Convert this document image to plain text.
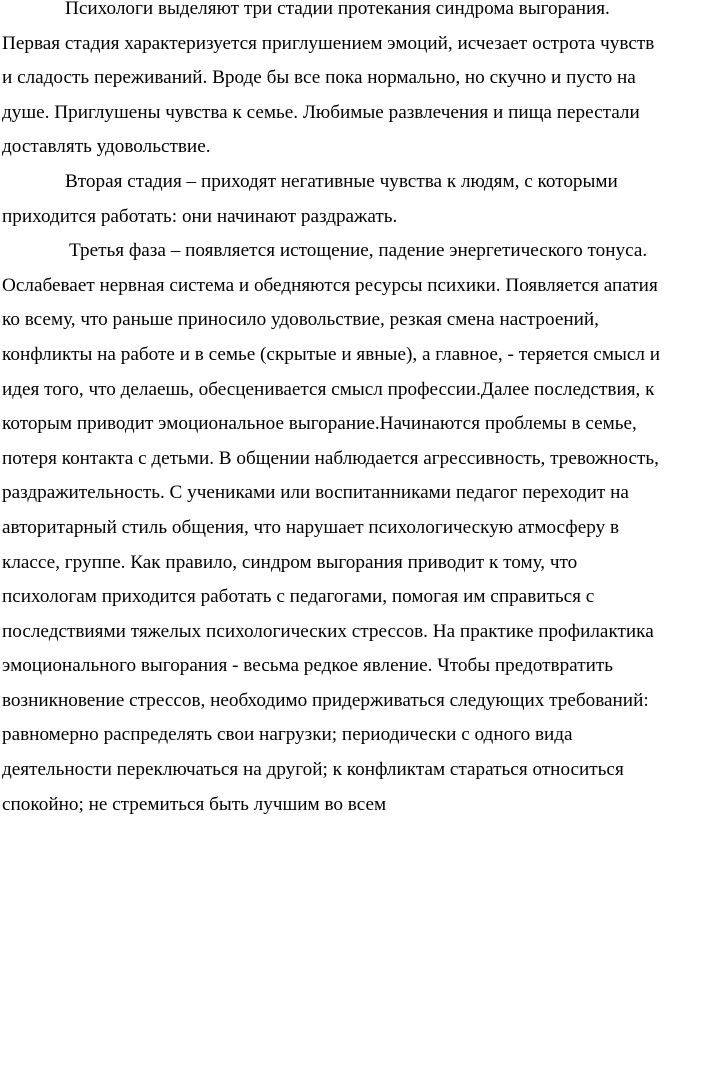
Психологи выделяют три стадии протекания синдрома выгорания.
Первая стадия характеризуется приглушением эмоций, исчезает острота чувств
и сладость переживаний. Вроде бы все пока нормально, но скучно и пусто на
душе. Приглушены чувства к семье. Любимые развлечения и пища перестали
доставлять удовольствие.
Вторая стадия – приходят негативные чувства к людям, с которыми
приходится работать: они начинают раздражать.
Третья фаза – появляется истощение, падение энергетического тонуса.
Ослабевает нервная система и обедняются ресурсы психики. Появляется апатия
ко всему, что раньше приносило удовольствие, резкая смена настроений,
конфликты на работе и в семье (скрытые и явные), а главное, - теряется смысл и
идея того, что делаешь, обесценивается смысл профессии.Далее последствия, к
которым приводит эмоциональное выгорание.Начинаются проблемы в семье,
потеря контакта с детьми. В общении наблюдается агрессивность, тревожность,
раздражительность. С учениками или воспитанниками педагог переходит на
авторитарный стиль общения, что нарушает психологическую атмосферу в
классе, группе. Как правило, синдром выгорания приводит к тому, что
психологам приходится работать с педагогами, помогая им справиться с
последствиями тяжелых психологических стрессов. На практике профилактика
эмоционального выгорания - весьма редкое явление. Чтобы предотвратить
возникновение стрессов, необходимо придерживаться следующих требований:
равномерно распределять свои нагрузки; периодически с одного вида
деятельности переключаться на другой; к конфликтам стараться относиться
спокойно; не стремиться быть лучшим во всем
